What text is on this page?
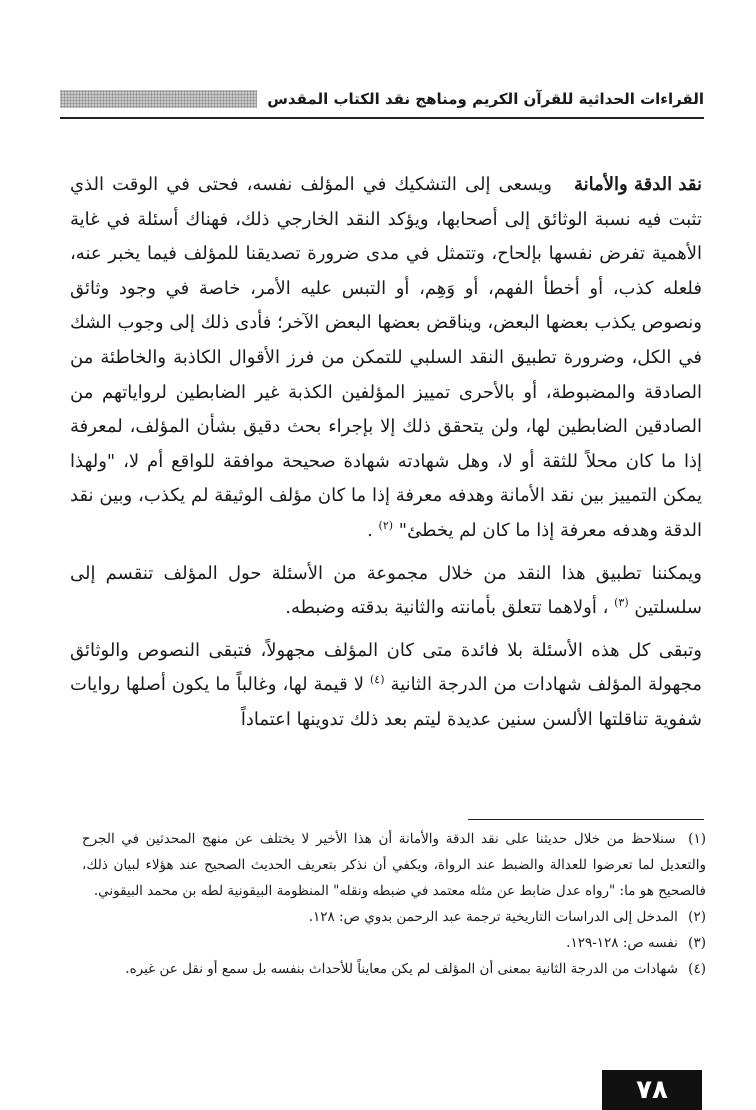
القراءات الحداثية للقرآن الكريم ومناهج نقد الكتاب المقدس

نقد الدقة والأمانة
ويسعى إلى التشكيك في المؤلف نفسه، فحتى في الوقت الذي تثبت فيه نسبة الوثائق إلى أصحابها، ويؤكد النقد الخارجي ذلك، فهناك أسئلة في غاية الأهمية تفرض نفسها بإلحاح، وتتمثل في مدى ضرورة تصديقنا للمؤلف فيما يخبر عنه، فلعله كذب، أو أخطأ الفهم، أو وَهِم، أو التبس عليه الأمر، خاصة في وجود وثائق ونصوص يكذب بعضها البعض، ويناقض بعضها البعض الآخر؛ فأدى ذلك إلى وجوب الشك في الكل، وضرورة تطبيق النقد السلبي للتمكن من فرز الأقوال الكاذبة والخاطئة من الصادقة والمضبوطة، أو بالأحرى تمييز المؤلفين الكذبة غير الضابطين لرواياتهم من الصادقين الضابطين لها، ولن يتحقق ذلك إلا بإجراء بحث دقيق بشأن المؤلف، لمعرفة إذا ما كان محلاً للثقة أو لا، وهل شهادته شهادة صحيحة موافقة للواقع أم لا، "ولهذا يمكن التمييز بين نقد الأمانة وهدفه معرفة إذا ما كان مؤلف الوثيقة لم يكذب، وبين نقد الدقة وهدفه معرفة إذا ما كان لم يخطئ" $^{(٢)}$ .

ويمكننا تطبيق هذا النقد من خلال مجموعة من الأسئلة حول المؤلف تنقسم إلى سلسلتين $^{(٣)}$ ، أولاهما تتعلق بأمانته والثانية بدقته وضبطه.

وتبقى كل هذه الأسئلة بلا فائدة متى كان المؤلف مجهولاً، فتبقى النصوص والوثائق مجهولة المؤلف شهادات من الدرجة الثانية $^{(٤)}$ لا قيمة لها، وغالباً ما يكون أصلها روايات شفوية تناقلتها الألسن سنين عديدة ليتم بعد ذلك تدوينها اعتماداً

(١) سنلاحظ من خلال حديثنا على نقد الدقة والأمانة أن هذا الأخير لا يختلف عن منهج المحدثين في الجرح والتعديل لما تعرضوا للعدالة والضبط عند الرواة، ويكفي أن نذكر بتعريف الحديث الصحيح عند هؤلاء لبيان ذلك، فالصحيح هو ما: "رواه عدل ضابط عن مثله معتمد في ضبطه ونقله" المنظومة البيقونية لطه بن محمد البيقوني.

(٢) المدخل إلى الدراسات التاريخية ترجمة عبد الرحمن بدوي ص: ١٢٨.

(٣) نفسه ص: ١٢٨-١٢٩.

(٤) شهادات من الدرجة الثانية بمعنى أن المؤلف لم يكن معايناً للأحداث بنفسه بل سمع أو نقل عن غيره.

٧٨
